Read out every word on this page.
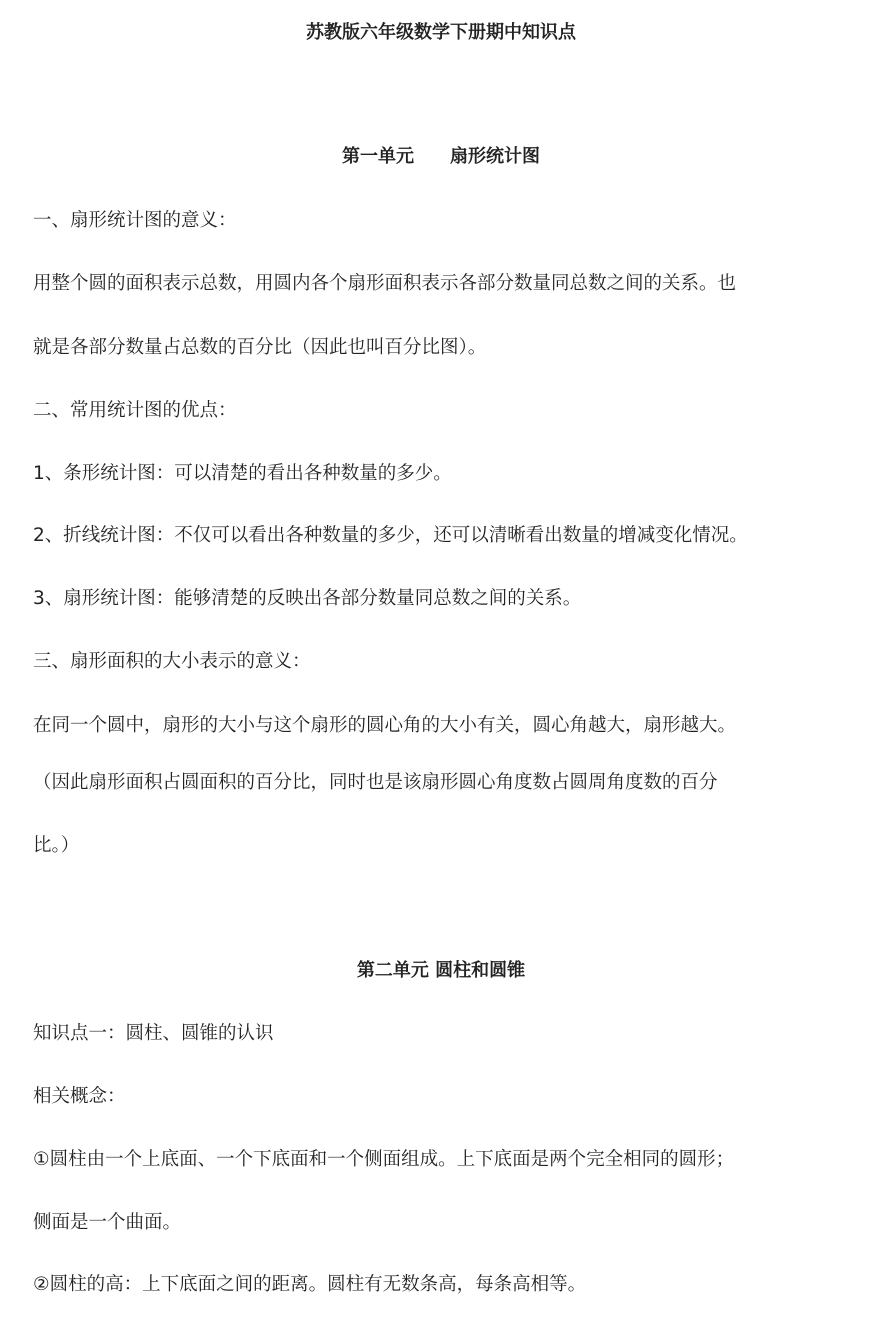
苏教版六年级数学下册期中知识点
第一单元　　扇形统计图
一、扇形统计图的意义：
用整个圆的面积表示总数，用圆内各个扇形面积表示各部分数量同总数之间的关系。也
就是各部分数量占总数的百分比（因此也叫百分比图）。
二、常用统计图的优点：
1、条形统计图：可以清楚的看出各种数量的多少。
2、折线统计图：不仅可以看出各种数量的多少，还可以清晰看出数量的增减变化情况。
3、扇形统计图：能够清楚的反映出各部分数量同总数之间的关系。
三、扇形面积的大小表示的意义：
在同一个圆中，扇形的大小与这个扇形的圆心角的大小有关，圆心角越大，扇形越大。
（因此扇形面积占圆面积的百分比，同时也是该扇形圆心角度数占圆周角度数的百分
比。）
第二单元 圆柱和圆锥
知识点一：圆柱、圆锥的认识
相关概念：
①圆柱由一个上底面、一个下底面和一个侧面组成。上下底面是两个完全相同的圆形；
侧面是一个曲面。
②圆柱的高：上下底面之间的距离。圆柱有无数条高，每条高相等。
